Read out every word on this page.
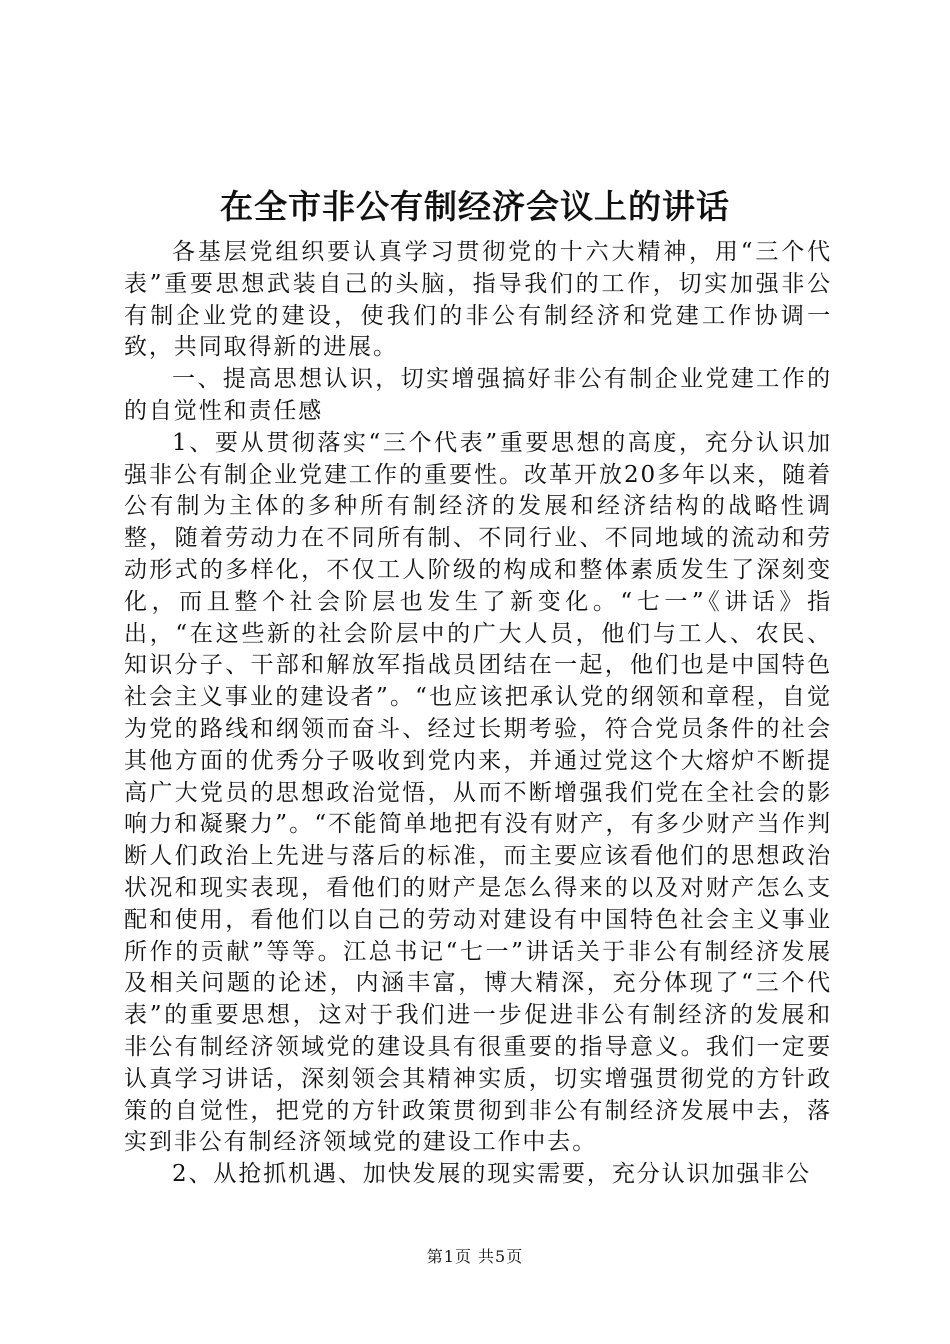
在全市非公有制经济会议上的讲话

各基层党组织要认真学习贯彻党的十六大精神，用“三个代表”重要思想武装自己的头脑，指导我们的工作，切实加强非公有制企业党的建设，使我们的非公有制经济和党建工作协调一致，共同取得新的进展。

一、提高思想认识，切实增强搞好非公有制企业党建工作的的自觉性和责任感

1、要从贯彻落实“三个代表”重要思想的高度，充分认识加强非公有制企业党建工作的重要性。改革开放20多年以来，随着公有制为主体的多种所有制经济的发展和经济结构的战略性调整，随着劳动力在不同所有制、不同行业、不同地域的流动和劳动形式的多样化，不仅工人阶级的构成和整体素质发生了深刻变化，而且整个社会阶层也发生了新变化。“七一”《讲话》指出，“在这些新的社会阶层中的广大人员，他们与工人、农民、知识分子、干部和解放军指战员团结在一起，他们也是中国特色社会主义事业的建设者”。“也应该把承认党的纲领和章程，自觉为党的路线和纲领而奋斗、经过长期考验，符合党员条件的社会其他方面的优秀分子吸收到党内来，并通过党这个大熔炉不断提高广大党员的思想政治觉悟，从而不断增强我们党在全社会的影响力和凝聚力”。“不能简单地把有没有财产，有多少财产当作判断人们政治上先进与落后的标准，而主要应该看他们的思想政治状况和现实表现，看他们的财产是怎么得来的以及对财产怎么支配和使用，看他们以自己的劳动对建设有中国特色社会主义事业所作的贡献”等等。江总书记“七一”讲话关于非公有制经济发展及相关问题的论述，内涵丰富，博大精深，充分体现了“三个代表”的重要思想，这对于我们进一步促进非公有制经济的发展和非公有制经济领域党的建设具有很重要的指导意义。我们一定要认真学习讲话，深刻领会其精神实质，切实增强贯彻党的方针政策的自觉性，把党的方针政策贯彻到非公有制经济发展中去，落实到非公有制经济领域党的建设工作中去。

2、从抢抓机遇、加快发展的现实需要，充分认识加强非公

第1页 共5页
